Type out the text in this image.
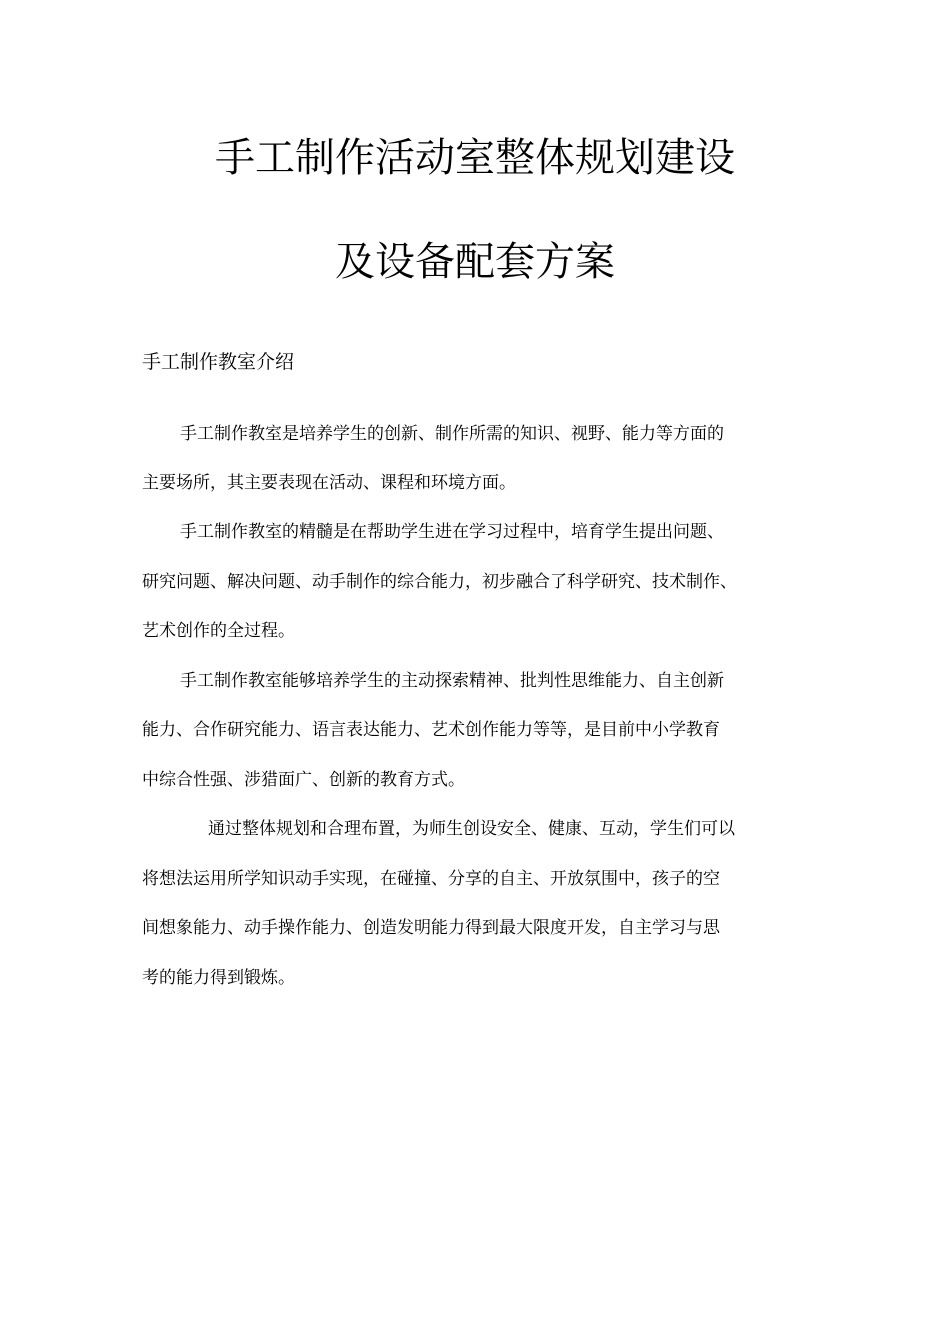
手工制作活动室整体规划建设
及设备配套方案
手工制作教室介绍

手工制作教室是培养学生的创新、制作所需的知识、视野、能力等方面的

主要场所，其主要表现在活动、课程和环境方面。

手工制作教室的精髓是在帮助学生进在学习过程中，培育学生提出问题、

研究问题、解决问题、动手制作的综合能力，初步融合了科学研究、技术制作、

艺术创作的全过程。

手工制作教室能够培养学生的主动探索精神、批判性思维能力、自主创新

能力、合作研究能力、语言表达能力、艺术创作能力等等，是目前中小学教育

中综合性强、涉猎面广、创新的教育方式。

通过整体规划和合理布置，为师生创设安全、健康、互动，学生们可以

将想法运用所学知识动手实现，在碰撞、分享的自主、开放氛围中，孩子的空

间想象能力、动手操作能力、创造发明能力得到最大限度开发，自主学习与思

考的能力得到锻炼。
